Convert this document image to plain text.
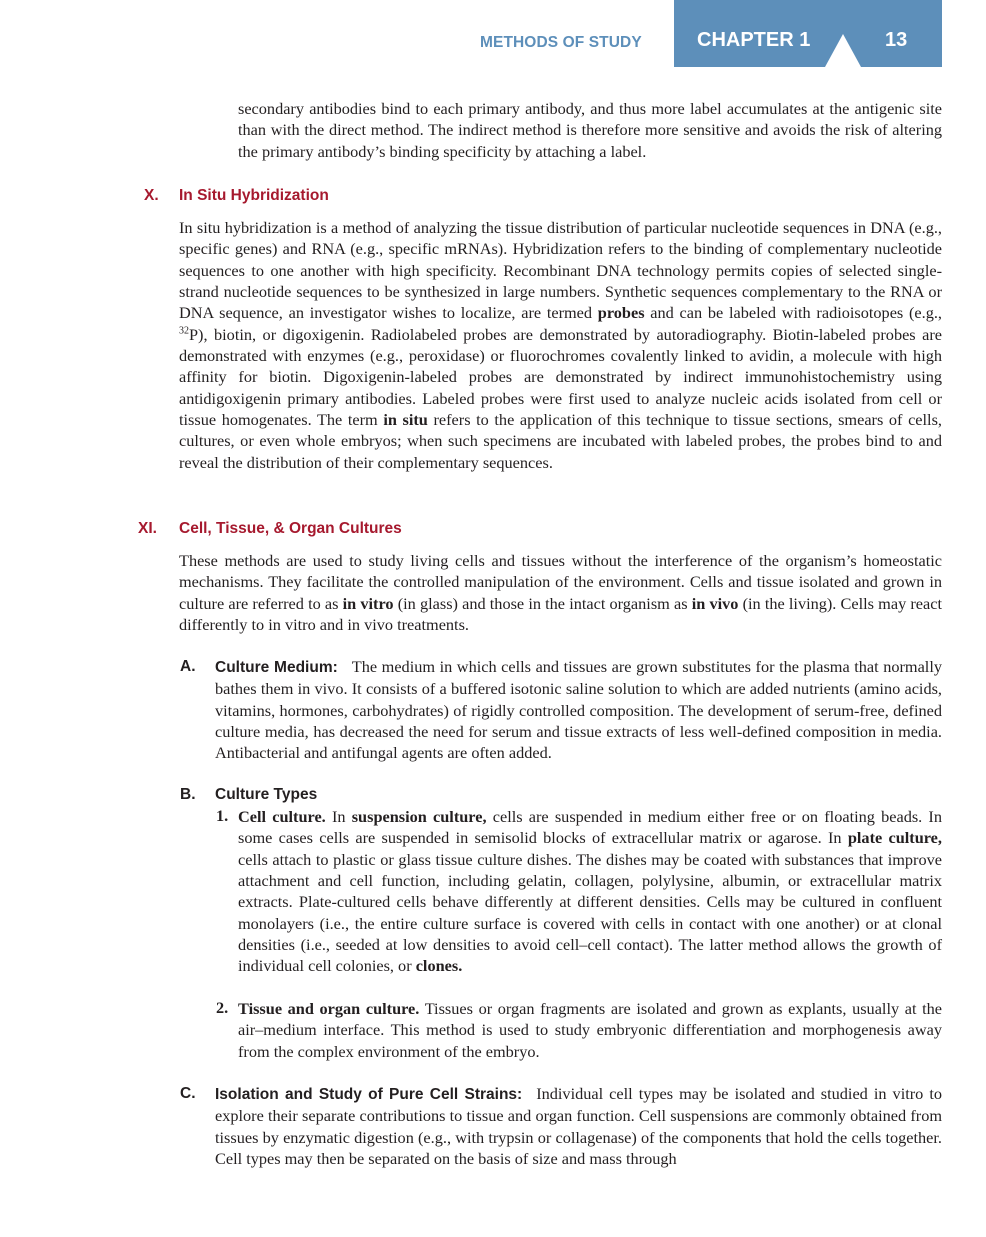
METHODS OF STUDY	CHAPTER 1	13
secondary antibodies bind to each primary antibody, and thus more label accumulates at the antigenic site than with the direct method. The indirect method is therefore more sensitive and avoids the risk of altering the primary antibody’s binding specificity by attaching a label.
X. In Situ Hybridization
In situ hybridization is a method of analyzing the tissue distribution of particular nucleotide sequences in DNA (e.g., specific genes) and RNA (e.g., specific mRNAs). Hybridization refers to the binding of complementary nucleotide sequences to one another with high specificity. Recombinant DNA technology permits copies of selected single-strand nucleotide sequences to be synthesized in large numbers. Synthetic sequences complementary to the RNA or DNA sequence, an investigator wishes to localize, are termed probes and can be labeled with radioisotopes (e.g., $^{32}$P), biotin, or digoxigenin. Radiolabeled probes are demonstrated by autoradiography. Biotin-labeled probes are demonstrated with enzymes (e.g., peroxidase) or fluorochromes covalently linked to avidin, a molecule with high affinity for biotin. Digoxigenin-labeled probes are demonstrated by indirect immunohistochemistry using antidigoxigenin primary antibodies. Labeled probes were first used to analyze nucleic acids isolated from cell or tissue homogenates. The term in situ refers to the application of this technique to tissue sections, smears of cells, cultures, or even whole embryos; when such specimens are incubated with labeled probes, the probes bind to and reveal the distribution of their complementary sequences.
XI. Cell, Tissue, & Organ Cultures
These methods are used to study living cells and tissues without the interference of the organism’s homeostatic mechanisms. They facilitate the controlled manipulation of the environment. Cells and tissue isolated and grown in culture are referred to as in vitro (in glass) and those in the intact organism as in vivo (in the living). Cells may react differently to in vitro and in vivo treatments.
A. Culture Medium: The medium in which cells and tissues are grown substitutes for the plasma that normally bathes them in vivo. It consists of a buffered isotonic saline solution to which are added nutrients (amino acids, vitamins, hormones, carbohydrates) of rigidly controlled composition. The development of serum-free, defined culture media, has decreased the need for serum and tissue extracts of less well-defined composition in media. Antibacterial and antifungal agents are often added.
B. Culture Types
1. Cell culture. In suspension culture, cells are suspended in medium either free or on floating beads. In some cases cells are suspended in semisolid blocks of extracellular matrix or agarose. In plate culture, cells attach to plastic or glass tissue culture dishes. The dishes may be coated with substances that improve attachment and cell function, including gelatin, collagen, polylysine, albumin, or extracellular matrix extracts. Plate-cultured cells behave differently at different densities. Cells may be cultured in confluent monolayers (i.e., the entire culture surface is covered with cells in contact with one another) or at clonal densities (i.e., seeded at low densities to avoid cell–cell contact). The latter method allows the growth of individual cell colonies, or clones.
2. Tissue and organ culture. Tissues or organ fragments are isolated and grown as explants, usually at the air–medium interface. This method is used to study embryonic differentiation and morphogenesis away from the complex environment of the embryo.
C. Isolation and Study of Pure Cell Strains: Individual cell types may be isolated and studied in vitro to explore their separate contributions to tissue and organ function. Cell suspensions are commonly obtained from tissues by enzymatic digestion (e.g., with trypsin or collagenase) of the components that hold the cells together. Cell types may then be separated on the basis of size and mass through
